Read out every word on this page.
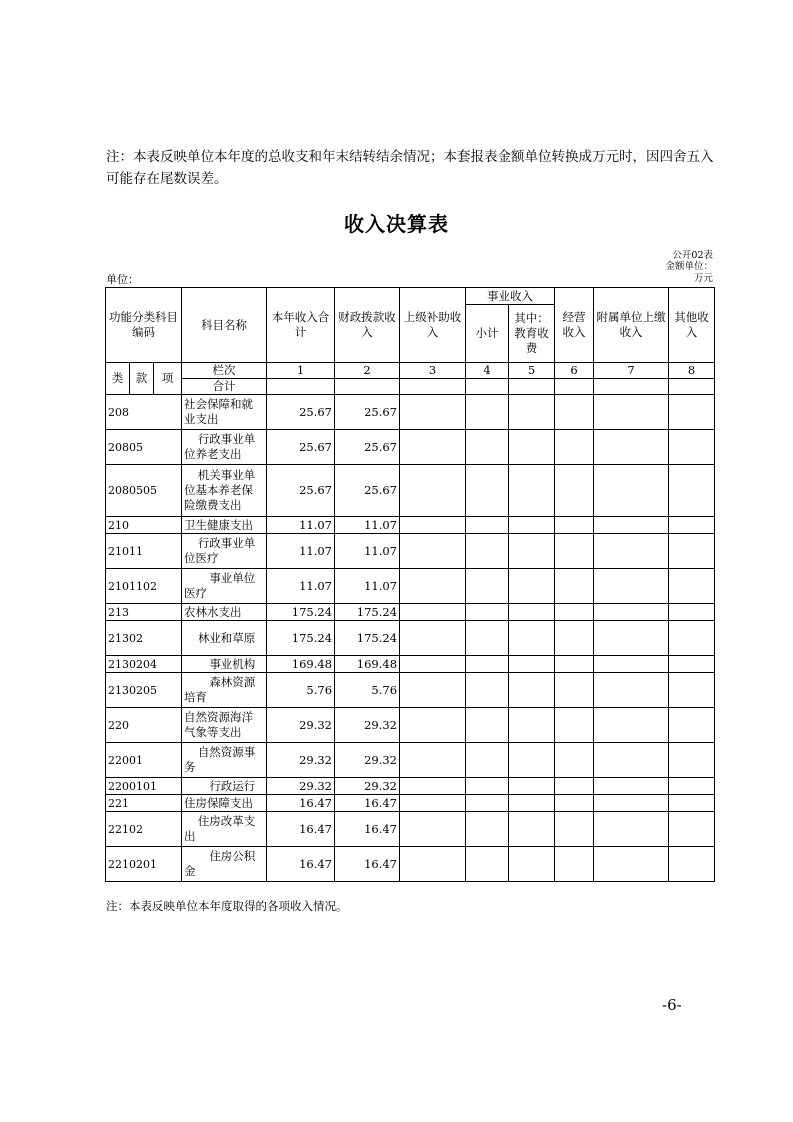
注：本表反映单位本年度的总收支和年末结转结余情况；本套报表金额单位转换成万元时，因四舍五入可能存在尾数误差。
收入决算表
公开02表
金额单位：
万元
单位：
功能分类科目编码			科目名称	本年收入合计	财政拨款收入	上级补助收入	事业收入		经营收入	附属单位上缴收入	其他收入
							小计	其中：教育收费			
类	款	项	栏次	1	2	3	4	5	6	7	8
			合计								
208			社会保障和就业支出	25.67	25.67						
20805			行政事业单位养老支出	25.67	25.67						
2080505			机关事业单位基本养老保险缴费支出	25.67	25.67						
210			卫生健康支出	11.07	11.07						
21011			行政事业单位医疗	11.07	11.07						
2101102			事业单位医疗	11.07	11.07						
213			农林水支出	175.24	175.24						
21302			林业和草原	175.24	175.24						
2130204			事业机构	169.48	169.48						
2130205			森林资源培育	5.76	5.76						
220			自然资源海洋气象等支出	29.32	29.32						
22001			自然资源事务	29.32	29.32						
2200101			行政运行	29.32	29.32						
221			住房保障支出	16.47	16.47						
22102			住房改革支出	16.47	16.47						
2210201			住房公积金	16.47	16.47						
注：本表反映单位本年度取得的各项收入情况。
-6-
